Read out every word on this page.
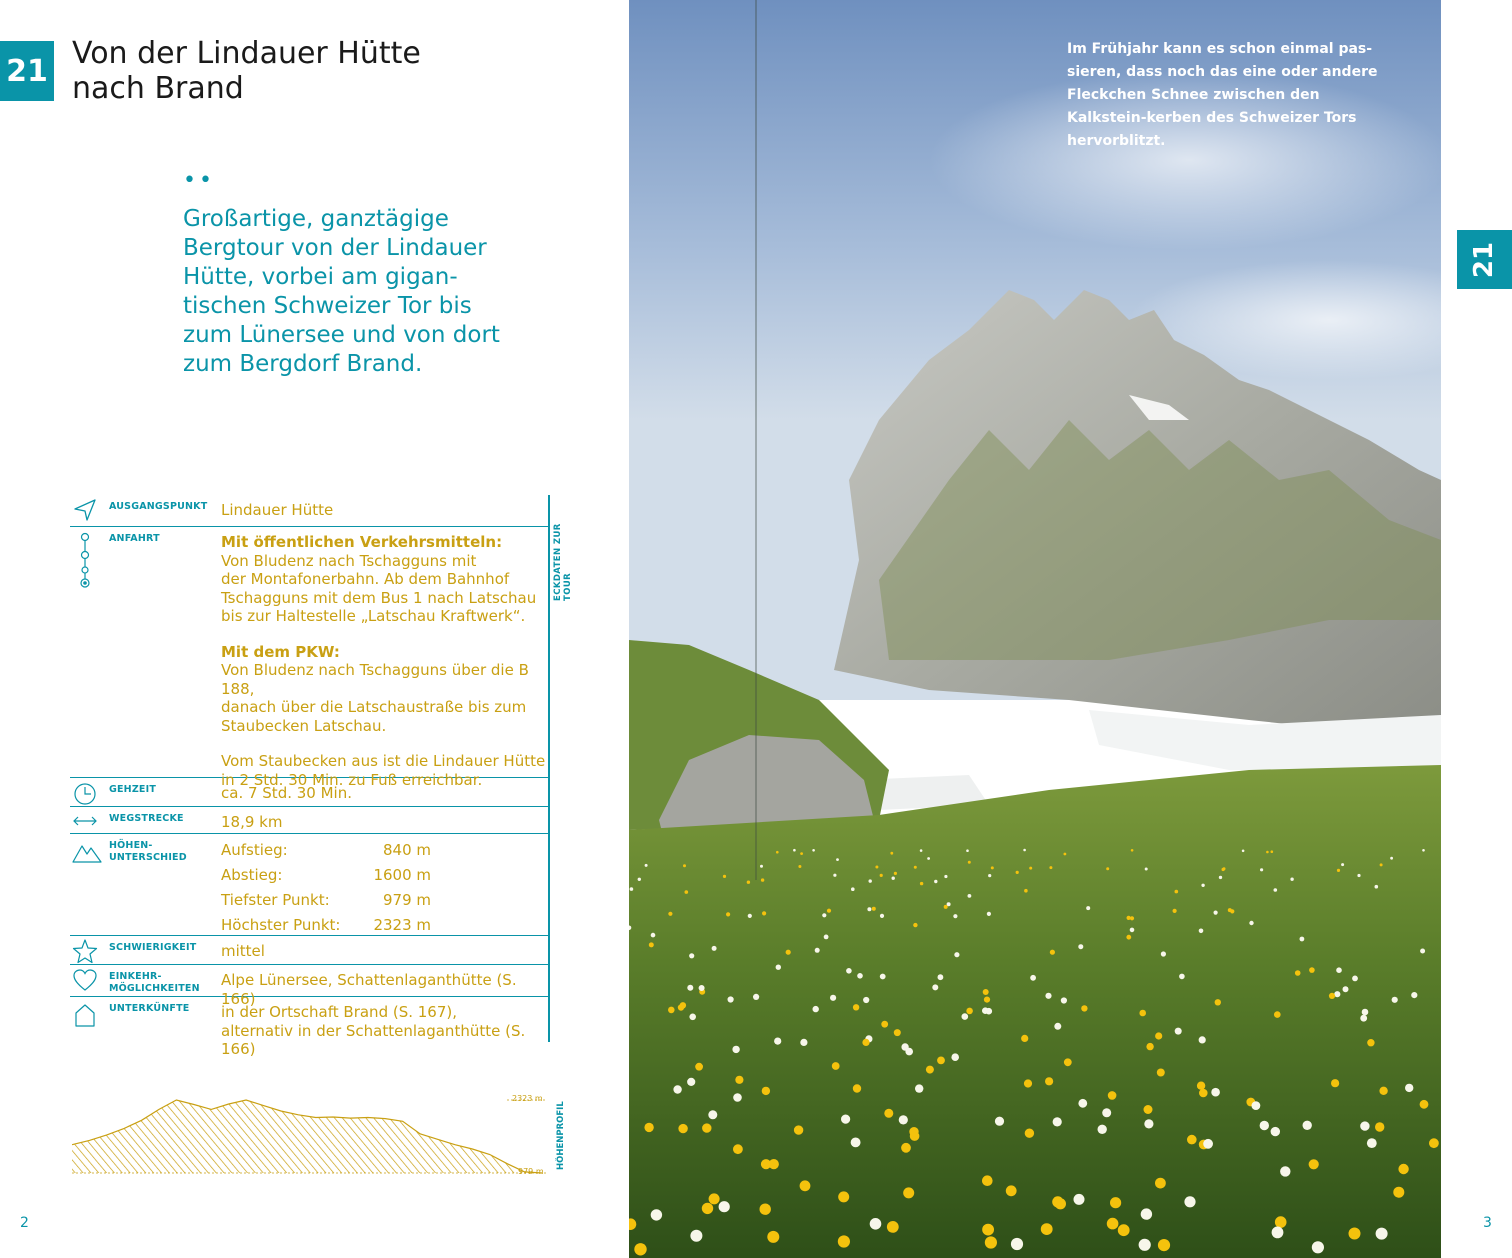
21 Von der Lindauer Hütte
nach Brand
••

Großartige, ganztägige Bergtour von der Lindauer Hütte, vorbei am gigan-tischen Schweizer Tor bis zum Lünersee und von dort zum Bergdorf Brand.

AUSGANGSPUNKT Lindauer Hütte
ANFAHRT	Mit öffentlichen Verkehrsmitteln:
Von Bludenz nach Tschagguns mit
der Montafonerbahn. Ab dem Bahnhof
Tschagguns mit dem Bus 1 nach Latschau
bis zur Haltestelle „Latschau Kraftwerk“.
Mit dem PKW:
Von Bludenz nach Tschagguns über die B 188,
danach über die Latschaustraße bis zum
Staubecken Latschau.
Vom Staubecken aus ist die Lindauer Hütte
in 2 Std. 30 Min. zu Fuß erreichbar.
GEHZEIT	ca. 7 Std. 30 Min.
WEGSTRECKE	18,9 km
HÖHEN-
UNTERSCHIED	Aufstieg:	840 m
Abstieg:	1600 m
Tiefster Punkt:	979 m
Höchster Punkt:	2323 m
SCHWIERIGKEIT	mittel
EINKEHR-
MÖGLICHKEITEN	Alpe Lünersee, Schattenlaganthütte (S. 166)
UNTERKÜNFTE	in der Ortschaft Brand (S. 167),
alternativ in der Schattenlaganthütte (S. 166)
ECKDATEN ZUR TOUR
2323 m
979 m
HÖHENPROFIL
2

Im Frühjahr kann es schon einmal pas-sieren, dass noch das eine oder andere Fleckchen Schnee zwischen den Kalkstein-kerben des Schweizer Tors hervorblitzt.

21
3
